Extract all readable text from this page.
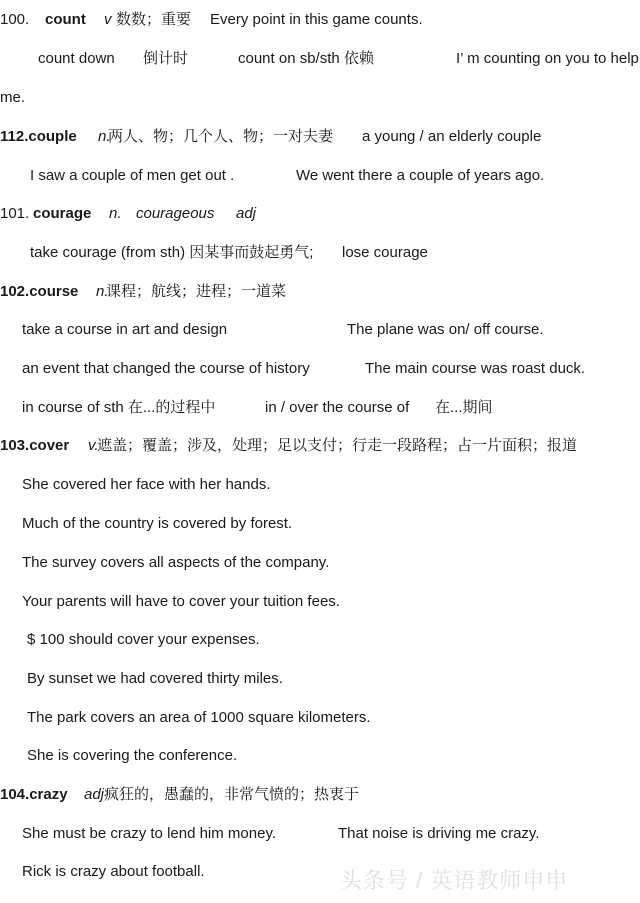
100. count v 数数；重要 Every point in this game counts.
count down 倒计时	count on sb/sth 依赖	I’ m counting on you to help
me.
112.couple n.
两人、物；几个人、物；一对夫妻 a young / an elderly couple
I saw a couple of men get out .	We went there a couple of years ago.
101. courage n. courageous adj
take courage (from sth) 因某事而鼓起勇气; lose courage
102.course n.
课程；航线；进程；一道菜
take a course in art and design	The plane was on/ off course.
an event that changed the course of history	The main course was roast duck.
in course of sth 在...的过程中	in / over the course of 在...期间
103.cover v.
遮盖；覆盖；涉及，处理；足以支付；行走一段路程；占一片面积；报道
She covered her face with her hands.
Much of the country is covered by forest.
The survey covers all aspects of the company.
Your parents will have to cover your tuition fees.
$ 100 should cover your expenses.
By sunset we had covered thirty miles.
The park covers an area of 1000 square kilometers.
She is covering the conference.
104.crazy adj 疯狂的，愚蠢的，非常气愤的；热衷于
She must be crazy to lend him money.	That noise is driving me crazy.
Rick is crazy about football.	头条号 / 英语教师申申
